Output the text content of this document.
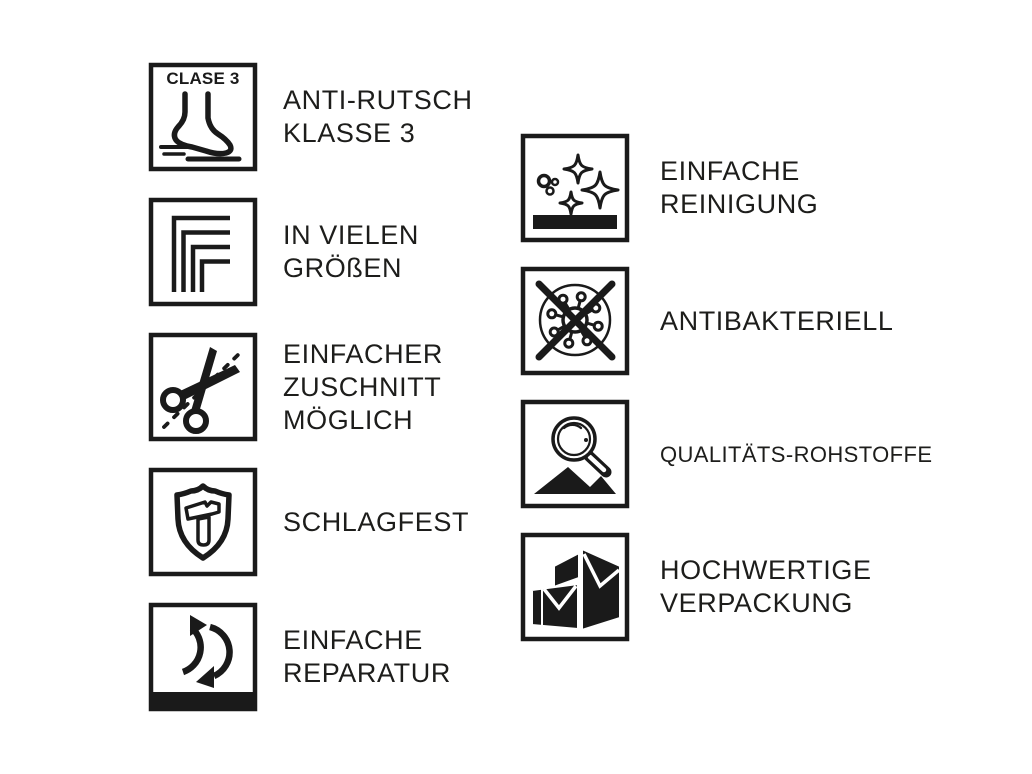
CLASE 3
ANTI-RUTSCH
KLASSE 3
IN VIELEN
GRÖßEN
EINFACHER
ZUSCHNITT
MÖGLICH
SCHLAGFEST
EINFACHE
REPARATUR
EINFACHE
REINIGUNG
ANTIBAKTERIELL
QUALITÄTS-ROHSTOFFE
HOCHWERTIGE
VERPACKUNG
